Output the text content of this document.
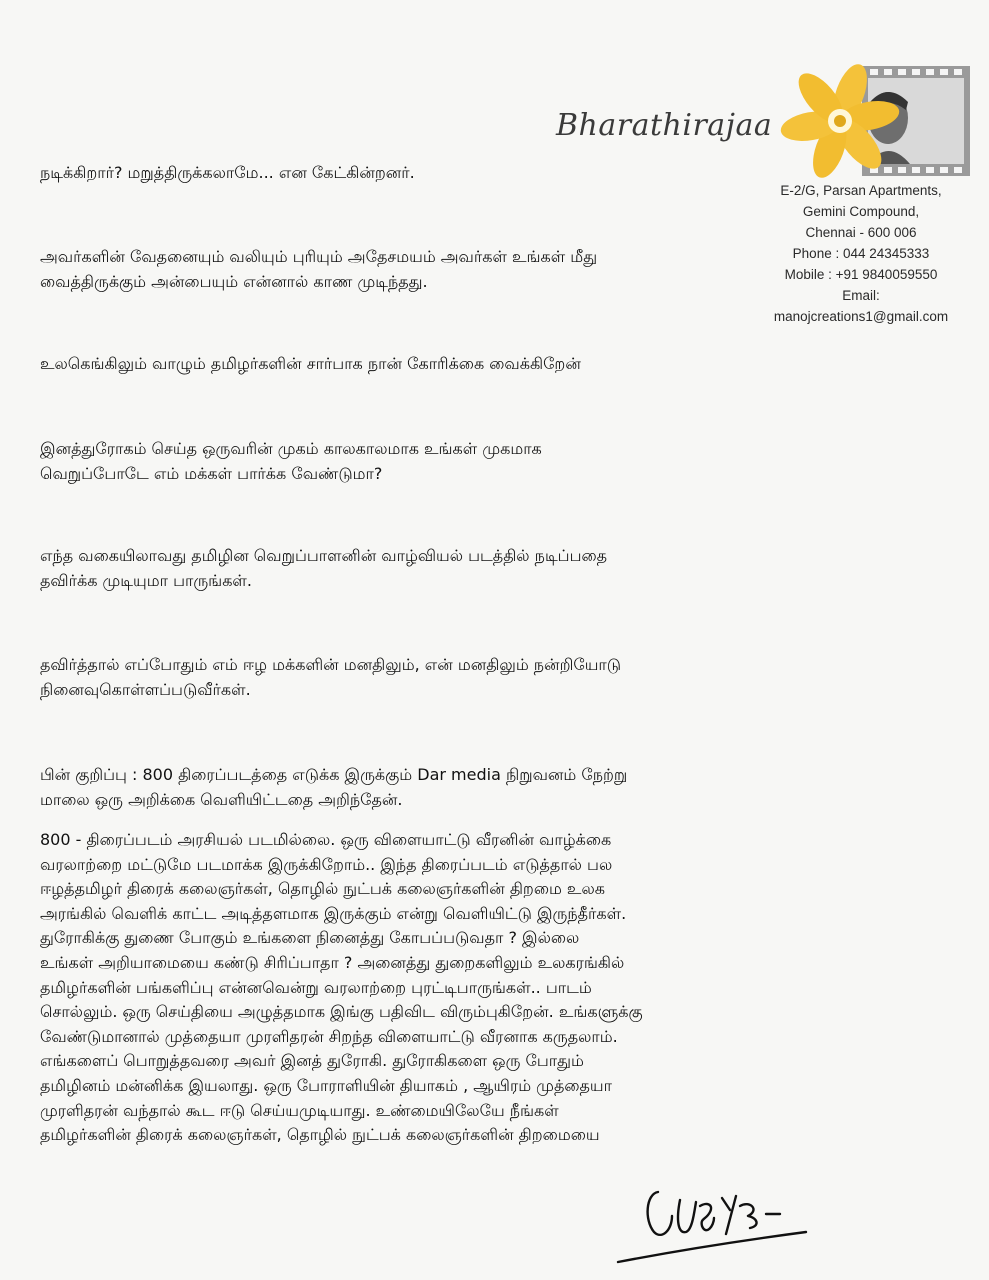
Bharathirajaa
E-2/G, Parsan Apartments,
Gemini Compound,
Chennai - 600 006
Phone : 044 24345333
Mobile : +91 9840059550
Email:
manojcreations1@gmail.com
நடிக்கிறார்? மறுத்திருக்கலாமே... என கேட்கின்றனர்.
அவர்களின் வேதனையும் வலியும் புரியும் அதேசமயம் அவர்கள் உங்கள் மீது
வைத்திருக்கும் அன்பையும் என்னால் காண முடிந்தது.
உலகெங்கிலும் வாழும் தமிழர்களின் சார்பாக நான் கோரிக்கை வைக்கிறேன்
இனத்துரோகம் செய்த ஒருவரின் முகம் காலகாலமாக உங்கள் முகமாக
வெறுப்போடே எம் மக்கள் பார்க்க வேண்டுமா?
எந்த வகையிலாவது தமிழின வெறுப்பாளனின் வாழ்வியல் படத்தில் நடிப்பதை
தவிர்க்க முடியுமா பாருங்கள்.
தவிர்த்தால் எப்போதும் எம் ஈழ மக்களின் மனதிலும், என் மனதிலும் நன்றியோடு
நினைவுகொள்ளப்படுவீர்கள்.
பின் குறிப்பு : 800 திரைப்படத்தை எடுக்க இருக்கும் Dar media நிறுவனம் நேற்று
மாலை ஒரு அறிக்கை வெளியிட்டதை அறிந்தேன்.
800 - திரைப்படம் அரசியல் படமில்லை. ஒரு விளையாட்டு வீரனின் வாழ்க்கை
வரலாற்றை மட்டுமே படமாக்க இருக்கிறோம்.. இந்த திரைப்படம் எடுத்தால் பல
ஈழத்தமிழர் திரைக் கலைஞர்கள், தொழில் நுட்பக் கலைஞர்களின் திறமை உலக
அரங்கில் வெளிக் காட்ட அடித்தளமாக இருக்கும் என்று வெளியிட்டு இருந்தீர்கள்.
துரோகிக்கு துணை போகும் உங்களை நினைத்து கோபப்படுவதா ? இல்லை
உங்கள் அறியாமையை கண்டு சிரிப்பாதா ? அனைத்து துறைகளிலும் உலகரங்கில்
தமிழர்களின் பங்களிப்பு என்னவென்று வரலாற்றை புரட்டிபாருங்கள்.. பாடம்
சொல்லும். ஒரு செய்தியை அழுத்தமாக இங்கு பதிவிட விரும்புகிறேன். உங்களுக்கு
வேண்டுமானால் முத்தையா முரளிதரன் சிறந்த விளையாட்டு வீரனாக கருதலாம்.
எங்களைப் பொறுத்தவரை அவர் இனத் துரோகி. துரோகிகளை ஒரு போதும்
தமிழினம் மன்னிக்க இயலாது. ஒரு போராளியின் தியாகம் , ஆயிரம் முத்தையா
முரளிதரன் வந்தால் கூட ஈடு செய்யமுடியாது. உண்மையிலேயே நீங்கள்
தமிழர்களின் திரைக் கலைஞர்கள், தொழில் நுட்பக் கலைஞர்களின் திறமையை
